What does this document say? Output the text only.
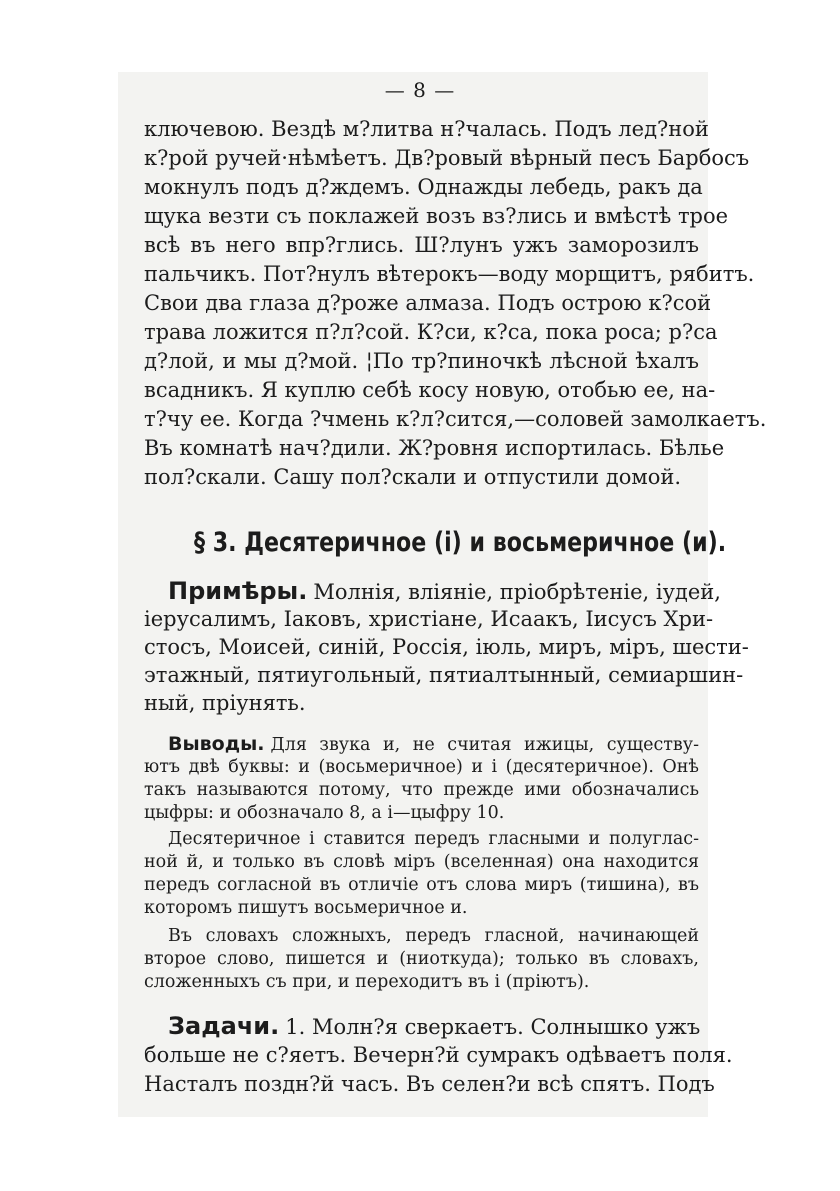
— 8 —
ключевою. Вездѣ м?литва н?чалась. Подъ лед?ной
к?рой ручей·нѣмѣетъ. Дв?ровый вѣрный песъ Барбосъ
мокнулъ подъ д?ждемъ. Однажды лебедь, ракъ да
щука везти съ поклажей возъ вз?лись и вмѣстѣ трое
всѣ въ него впр?глись. Ш?лунъ ужъ заморозилъ
пальчикъ. Пот?нулъ вѣтерокъ—воду морщитъ, рябитъ.
Свои два глаза д?роже алмаза. Подъ острою к?сой
трава ложится п?л?сой. К?си, к?са, пока роса; р?са
д?лой, и мы д?мой. ¦По тр?пиночкѣ лѣсной ѣхалъ
всадникъ. Я куплю себѣ косу новую, отобью ее, на-
т?чу ее. Когда ?чмень к?л?сится,—соловей замолкаетъ.
Въ комнатѣ нач?дили. Ж?ровня испортилась. Бѣлье
пол?скали. Сашу пол?скали и отпустили домой.
§ 3. Десятеричное (і) и восьмеричное (и).
Примѣры. Молнія, вліяніе, пріобрѣтеніе, іудей,
іерусалимъ, Іаковъ, христіане, Исаакъ, Іисусъ Хри-
стосъ, Моисей, синій, Россія, іюль, миръ, міръ, шести-
этажный, пятиугольный, пятиалтынный, семиаршин-
ный, пріунять.
Выводы. Для звука и, не считая ижицы, существу-
ютъ двѣ буквы: и (восьмеричное) и і (десятеричное). Онѣ
такъ называются потому, что прежде ими обозначались
цыфры: и обозначало 8, а і—цыфру 10.
Десятеричное і ставится передъ гласными и полуглас-
ной й, и только въ словѣ міръ (вселенная) она находится
передъ согласной въ отличіе отъ слова миръ (тишина), въ
которомъ пишутъ восьмеричное и.
Въ словахъ сложныхъ, передъ гласной, начинающей
второе слово, пишется и (ниоткуда); только въ словахъ,
сложенныхъ съ при, и переходитъ въ і (пріютъ).
Задачи. 1. Молн?я сверкаетъ. Солнышко ужъ
больше не с?яетъ. Вечерн?й сумракъ одѣваетъ поля.
Насталъ поздн?й часъ. Въ селен?и всѣ спятъ. Подъ
